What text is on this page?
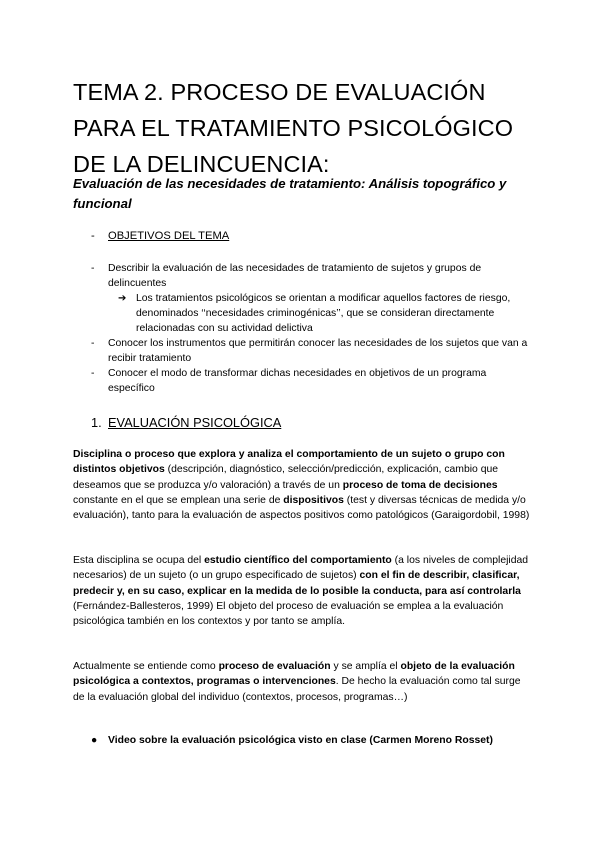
TEMA 2. PROCESO DE EVALUACIÓN PARA EL TRATAMIENTO PSICOLÓGICO DE LA DELINCUENCIA:

Evaluación de las necesidades de tratamiento: Análisis topográfico y funcional

- OBJETIVOS DEL TEMA
- Describir la evaluación de las necesidades de tratamiento de sujetos y grupos de delincuentes
➔ Los tratamientos psicológicos se orientan a modificar aquellos factores de riesgo, denominados ‘‘necesidades criminogénicas’’, que se consideran directamente relacionadas con su actividad delictiva
- Conocer los instrumentos que permitirán conocer las necesidades de los sujetos que van a recibir tratamiento
- Conocer el modo de transformar dichas necesidades en objetivos de un programa específico
1. EVALUACIÓN PSICOLÓGICA

Disciplina o proceso que explora y analiza el comportamiento de un sujeto o grupo con distintos objetivos (descripción, diagnóstico, selección/predicción, explicación, cambio que deseamos que se produzca y/o valoración) a través de un proceso de toma de decisiones constante en el que se emplean una serie de dispositivos (test y diversas técnicas de medida y/o evaluación), tanto para la evaluación de aspectos positivos como patológicos (Garaigordobil, 1998)

Esta disciplina se ocupa del estudio científico del comportamiento (a los niveles de complejidad necesarios) de un sujeto (o un grupo especificado de sujetos) con el fin de describir, clasificar, predecir y, en su caso, explicar en la medida de lo posible la conducta, para así controlarla (Fernández-Ballesteros, 1999) El objeto del proceso de evaluación se emplea a la evaluación psicológica también en los contextos y por tanto se amplía.

Actualmente se entiende como proceso de evaluación y se amplía el objeto de la evaluación psicológica a contextos, programas o intervenciones. De hecho la evaluación como tal surge de la evaluación global del individuo (contextos, procesos, programas…)

● Video sobre la evaluación psicológica visto en clase (Carmen Moreno Rosset)
